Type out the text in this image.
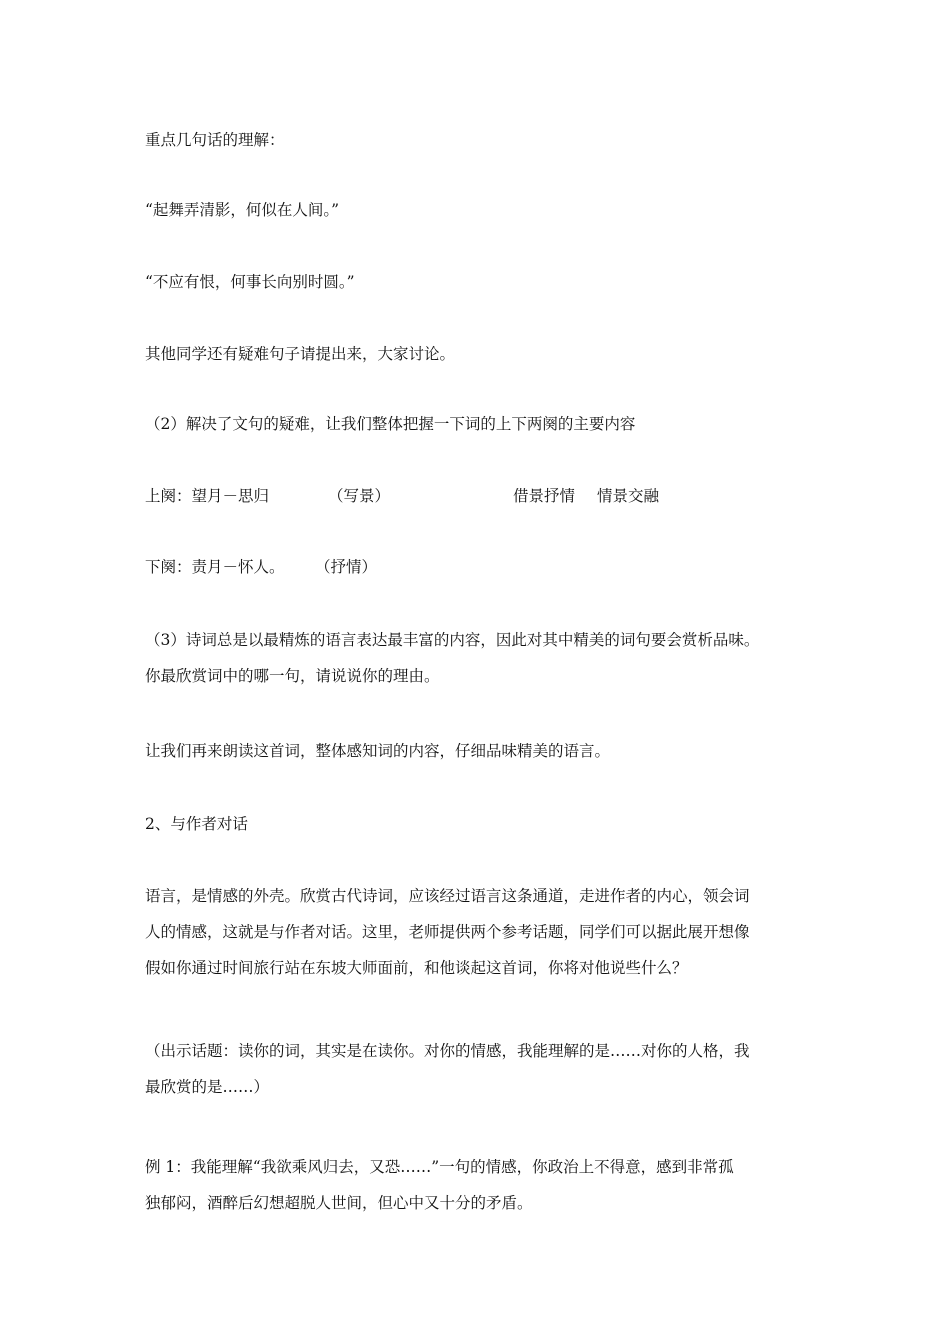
重点几句话的理解：

“起舞弄清影，何似在人间。”

“不应有恨，何事长向别时圆。”

其他同学还有疑难句子请提出来，大家讨论。

（2）解决了文句的疑难，让我们整体把握一下词的上下两阕的主要内容

上阕：望月－思归	（写景）	借景抒情 情景交融
下阕：责月－怀人。 （抒情）

（3）诗词总是以最精炼的语言表达最丰富的内容，因此对其中精美的词句要会赏析品味。
你最欣赏词中的哪一句，请说说你的理由。

让我们再来朗读这首词，整体感知词的内容，仔细品味精美的语言。

2、与作者对话

语言，是情感的外壳。欣赏古代诗词，应该经过语言这条通道，走进作者的内心，领会词
人的情感，这就是与作者对话。这里，老师提供两个参考话题，同学们可以据此展开想像
假如你通过时间旅行站在东坡大师面前，和他谈起这首词，你将对他说些什么？

（出示话题：读你的词，其实是在读你。对你的情感，我能理解的是……对你的人格，我
最欣赏的是……）

例 1：我能理解“我欲乘风归去，又恐……”一句的情感，你政治上不得意，感到非常孤
独郁闷，酒醉后幻想超脱人世间，但心中又十分的矛盾。
